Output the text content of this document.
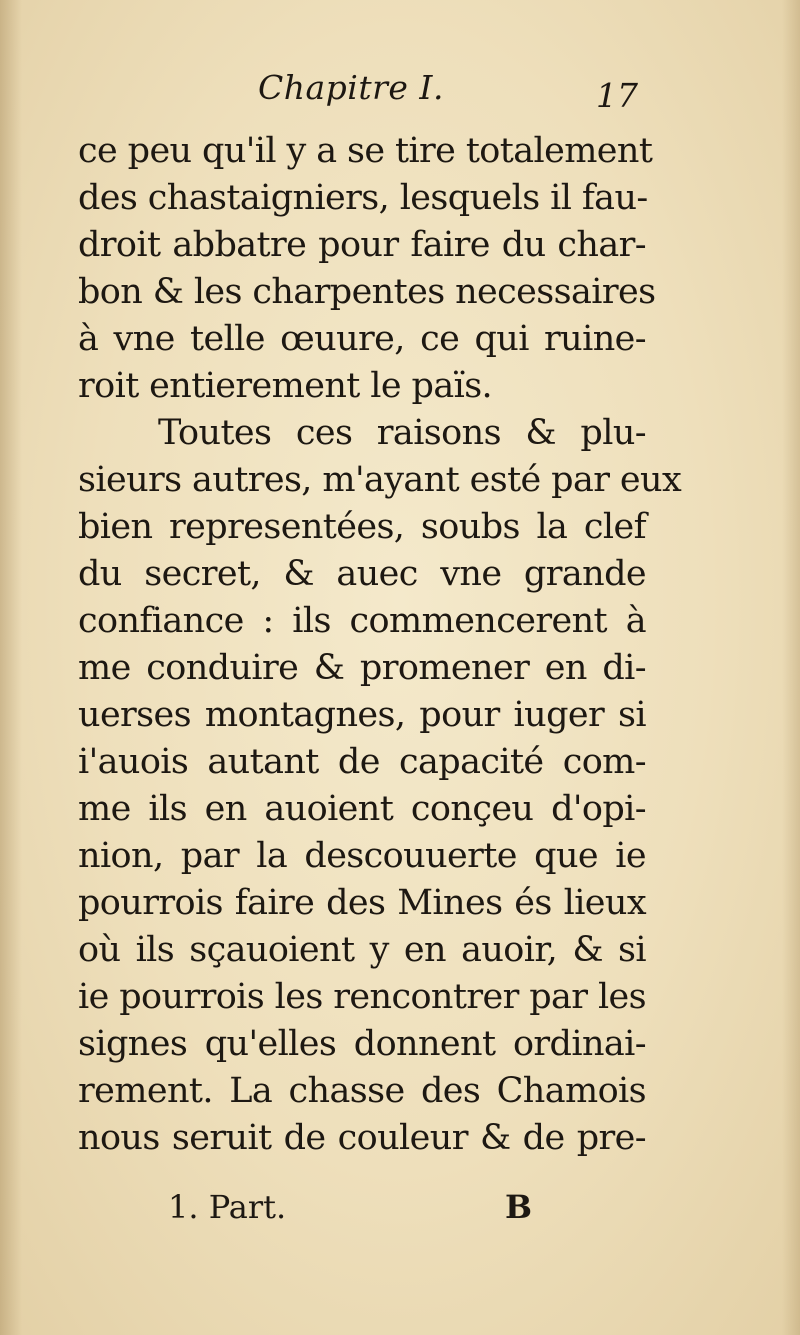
Chapitre I.	17
ce peu qu'il y a se tire totalement
des chastaigniers, lesquels il fau-
droit abbatre pour faire du char-
bon & les charpentes necessaires
à vne telle œuure, ce qui ruine-
roit entierement le païs.
Toutes ces raisons & plu-
sieurs autres, m'ayant esté par eux
bien representées, soubs la clef
du secret, & auec vne grande
confiance : ils commencerent à
me conduire & promener en di-
uerses montagnes, pour iuger si
i'auois autant de capacité com-
me ils en auoient conçeu d'opi-
nion, par la descouuerte que ie
pourrois faire des Mines és lieux
où ils sçauoient y en auoir, & si
ie pourrois les rencontrer par les
signes qu'elles donnent ordinai-
rement. La chasse des Chamois
nous seruit de couleur & de pre-
1. Part.	B
